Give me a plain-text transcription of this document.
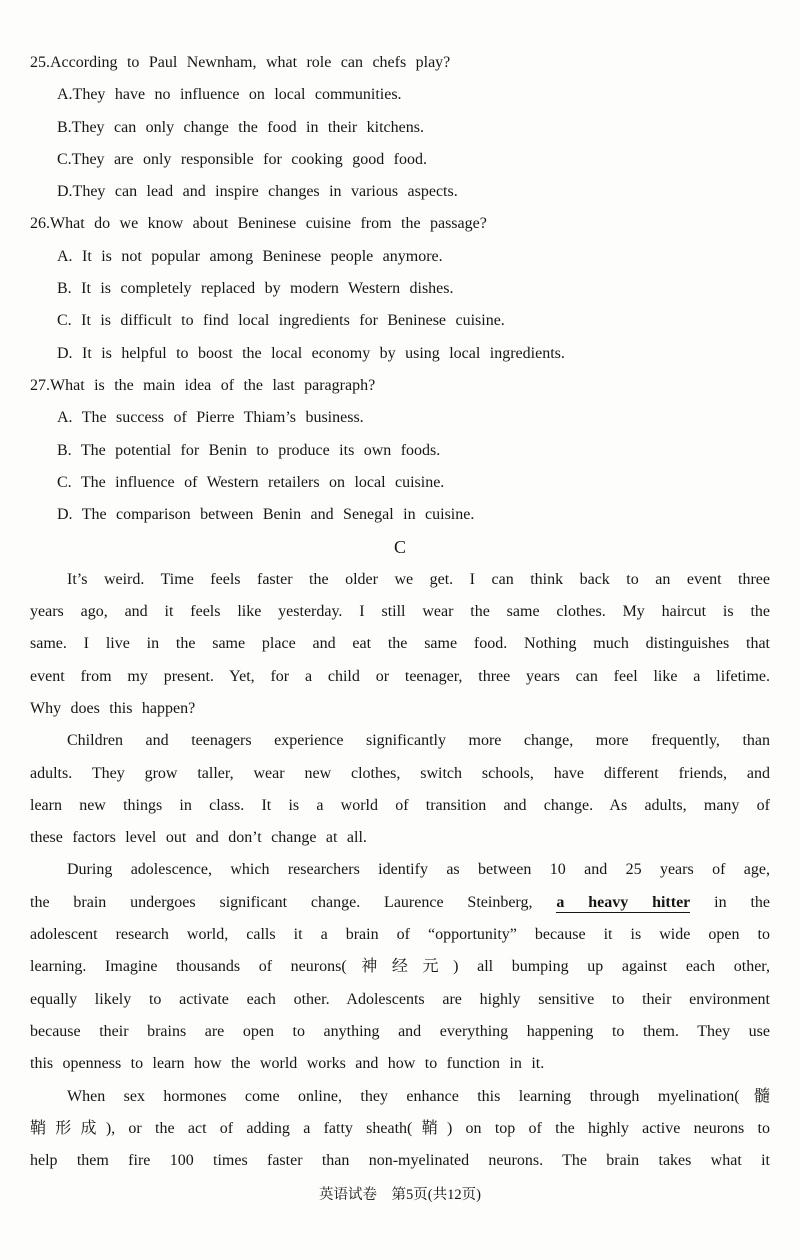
25.According to Paul Newnham, what role can chefs play?
A.They have no influence on local communities.
B.They can only change the food in their kitchens.
C.They are only responsible for cooking good food.
D.They can lead and inspire changes in various aspects.
26.What do we know about Beninese cuisine from the passage?
A. It is not popular among Beninese people anymore.
B. It is completely replaced by modern Western dishes.
C. It is difficult to find local ingredients for Beninese cuisine.
D. It is helpful to boost the local economy by using local ingredients.
27.What is the main idea of the last paragraph?
A. The success of Pierre Thiam’s business.
B. The potential for Benin to produce its own foods.
C. The influence of Western retailers on local cuisine.
D. The comparison between Benin and Senegal in cuisine.
C
It’s weird. Time feels faster the older we get. I can think back to an event three
years ago, and it feels like yesterday. I still wear the same clothes. My haircut is the
same. I live in the same place and eat the same food. Nothing much distinguishes that
event from my present. Yet, for a child or teenager, three years can feel like a lifetime.
Why does this happen?
Children and teenagers experience significantly more change, more frequently, than
adults. They grow taller, wear new clothes, switch schools, have different friends, and
learn new things in class. It is a world of transition and change. As adults, many of
these factors level out and don’t change at all.
During adolescence, which researchers identify as between 10 and 25 years of age,
the brain undergoes significant change. Laurence Steinberg, a heavy hitter in the
adolescent research world, calls it a brain of “opportunity” because it is wide open to
learning. Imagine thousands of neurons(神经元) all bumping up against each other,
equally likely to activate each other. Adolescents are highly sensitive to their environment
because their brains are open to anything and everything happening to them. They use
this openness to learn how the world works and how to function in it.
When sex hormones come online, they enhance this learning through myelination(髓
鞘形成), or the act of adding a fatty sheath(鞘) on top of the highly active neurons to
help them fire 100 times faster than non-myelinated neurons. The brain takes what it
英语试卷　第5页(共12页)
